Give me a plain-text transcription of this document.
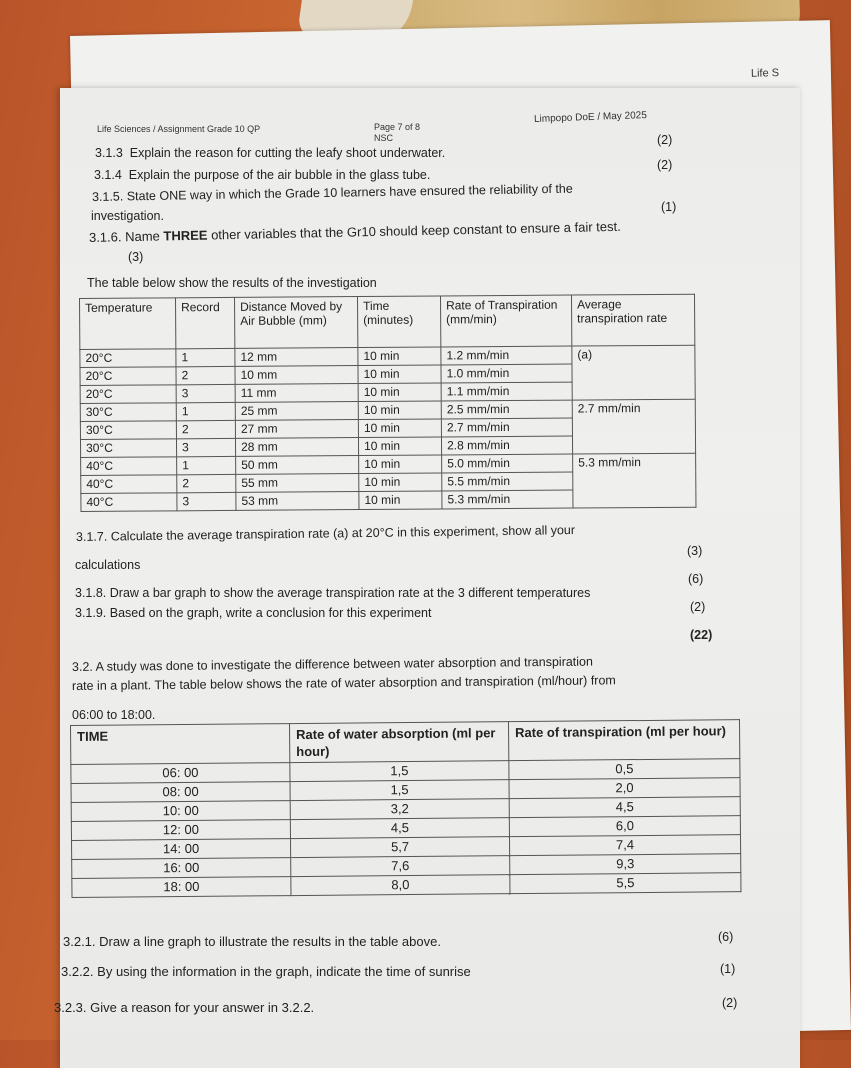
Life S
Life Sciences / Assignment Grade 10 QP	Page 7 of 8
NSC
Limpopo DoE / May 2025
3.1.3 Explain the reason for cutting the leafy shoot underwater.
(2)
3.1.4 Explain the purpose of the air bubble in the glass tube.
(2)
3.1.5. State ONE way in which the Grade 10 learners have ensured the reliability of the
investigation.
(1)
3.1.6. Name THREE other variables that the Gr10 should keep constant to ensure a fair test.
(3)
The table below show the results of the investigation
Temperature	Record	Distance Moved by Air Bubble (mm)	Time (minutes)	Rate of Transpiration (mm/min)	Average transpiration rate
20°C	1	12 mm	10 min	1.2 mm/min	(a)
20°C	2	10 mm	10 min	1.0 mm/min	
20°C	3	11 mm	10 min	1.1 mm/min	
30°C	1	25 mm	10 min	2.5 mm/min	2.7 mm/min
30°C	2	27 mm	10 min	2.7 mm/min	
30°C	3	28 mm	10 min	2.8 mm/min	
40°C	1	50 mm	10 min	5.0 mm/min	5.3 mm/min
40°C	2	55 mm	10 min	5.5 mm/min	
40°C	3	53 mm	10 min	5.3 mm/min	
3.1.7. Calculate the average transpiration rate (a) at 20°C in this experiment, show all your
calculations
(3)
3.1.8. Draw a bar graph to show the average transpiration rate at the 3 different temperatures
(6)
3.1.9. Based on the graph, write a conclusion for this experiment	(2)
(22)
3.2. A study was done to investigate the difference between water absorption and transpiration
rate in a plant. The table below shows the rate of water absorption and transpiration (ml/hour) from
06:00 to 18:00.
TIME	Rate of water absorption (ml per hour)	Rate of transpiration (ml per hour)
06: 00	1,5	0,5
08: 00	1,5	2,0
10: 00	3,2	4,5
12: 00	4,5	6,0
14: 00	5,7	7,4
16: 00	7,6	9,3
18: 00	8,0	5,5
3.2.1. Draw a line graph to illustrate the results in the table above.	(6)
3.2.2. By using the information in the graph, indicate the time of sunrise	(1)
3.2.3. Give a reason for your answer in 3.2.2.	(2)
